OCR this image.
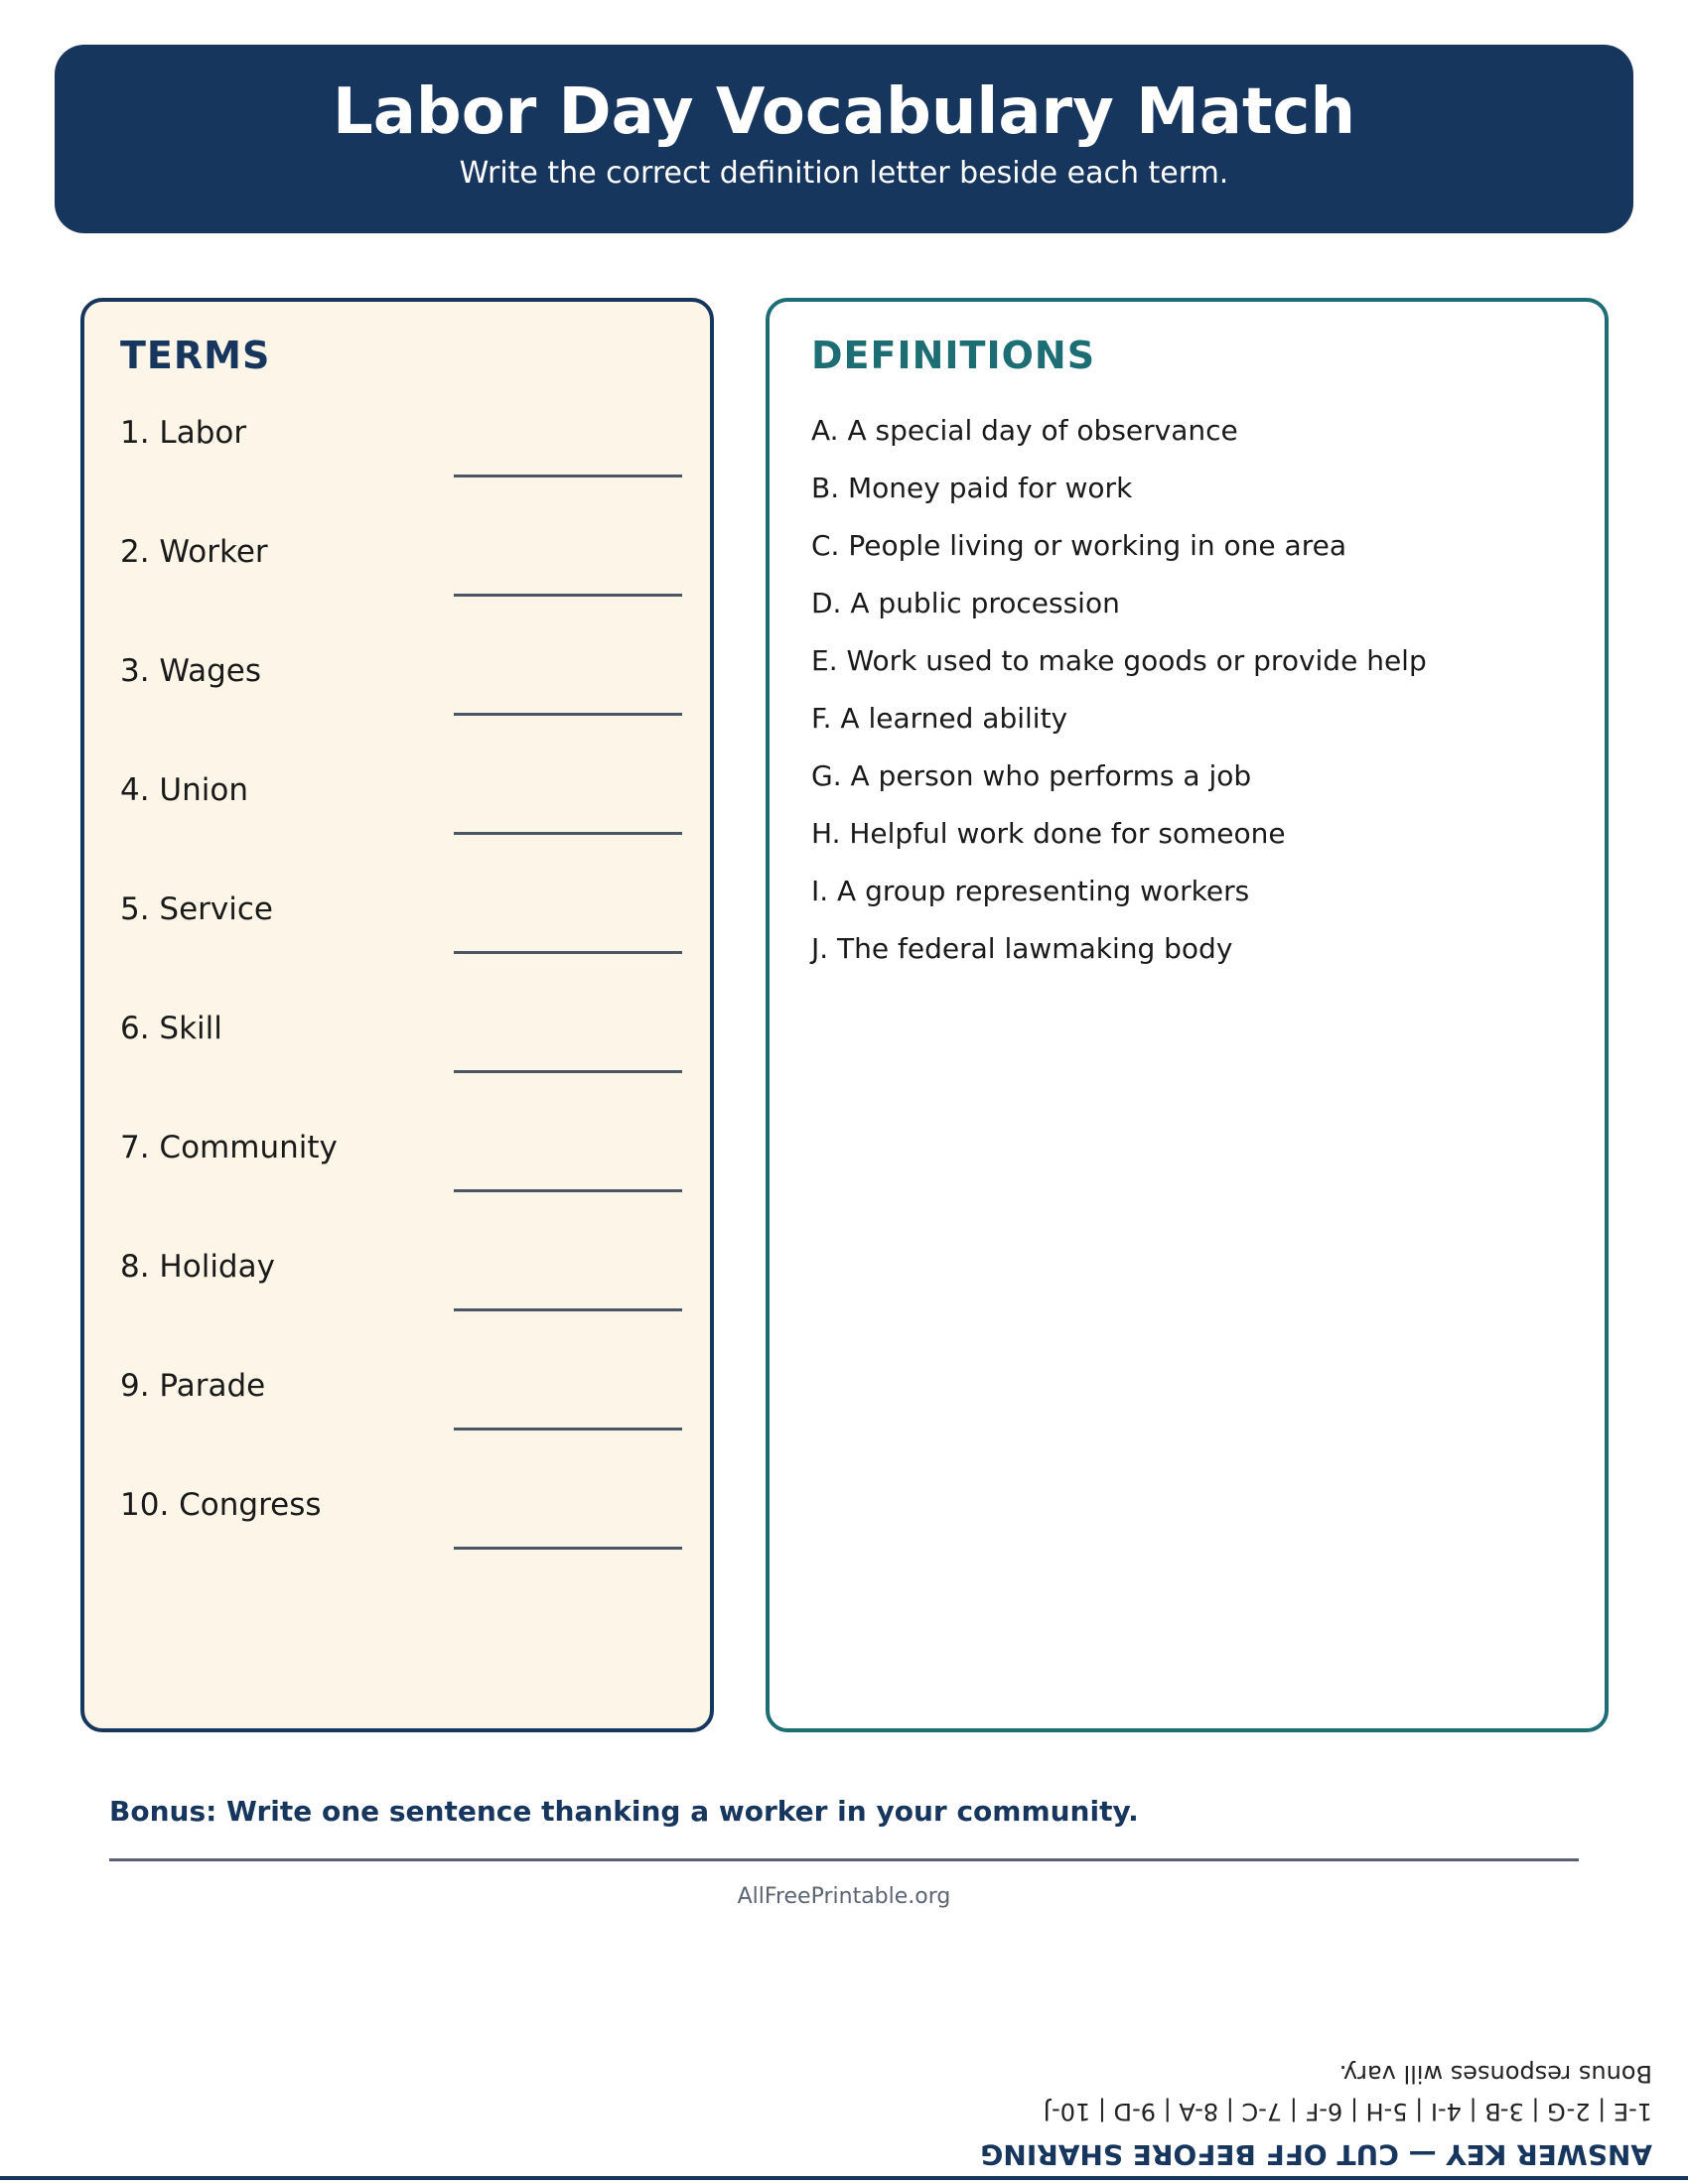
Labor Day Vocabulary Match
Write the correct definition letter beside each term.
TERMS
1. Labor
2. Worker
3. Wages
4. Union
5. Service
6. Skill
7. Community
8. Holiday
9. Parade
10. Congress
DEFINITIONS
A. A special day of observance
B. Money paid for work
C. People living or working in one area
D. A public procession
E. Work used to make goods or provide help
F. A learned ability
G. A person who performs a job
H. Helpful work done for someone
I. A group representing workers
J. The federal lawmaking body
Bonus: Write one sentence thanking a worker in your community.
AllFreePrintable.org
ANSWER KEY — CUT OFF BEFORE SHARING
1-E | 2-G | 3-B | 4-I | 5-H | 6-F | 7-C | 8-A | 9-D | 10-J
Bonus responses will vary.
